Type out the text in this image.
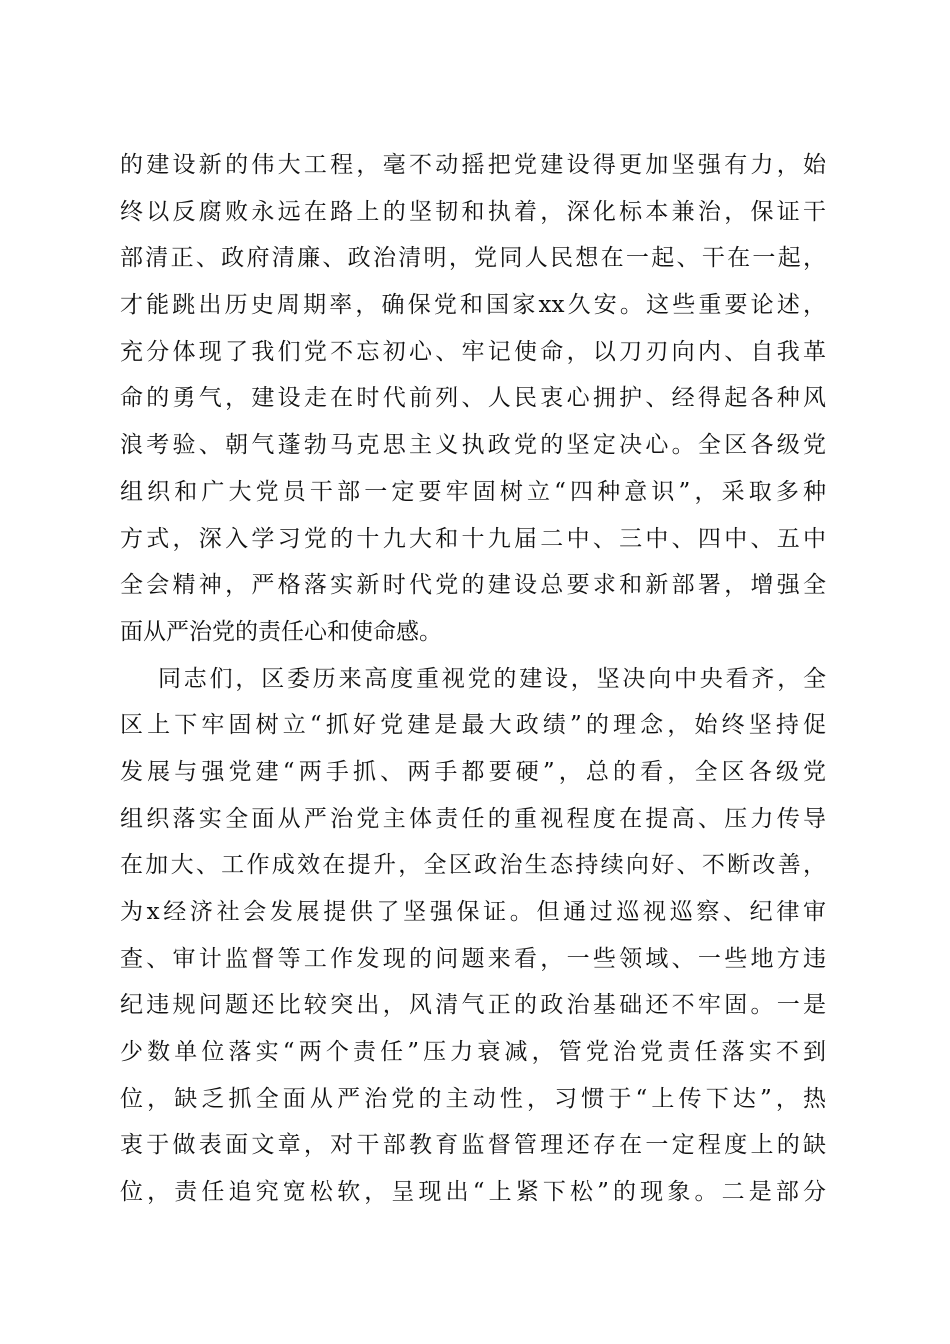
的建设新的伟大工程，毫不动摇把党建设得更加坚强有力，始
终以反腐败永远在路上的坚韧和执着，深化标本兼治，保证干
部清正、政府清廉、政治清明，党同人民想在一起、干在一起，
才能跳出历史周期率，确保党和国家xx久安。这些重要论述，
充分体现了我们党不忘初心、牢记使命，以刀刃向内、自我革
命的勇气，建设走在时代前列、人民衷心拥护、经得起各种风
浪考验、朝气蓬勃马克思主义执政党的坚定决心。全区各级党
组织和广大党员干部一定要牢固树立“四种意识”，采取多种
方式，深入学习党的十九大和十九届二中、三中、四中、五中
全会精神，严格落实新时代党的建设总要求和新部署，增强全
面从严治党的责任心和使命感。
同志们，区委历来高度重视党的建设，坚决向中央看齐，全
区上下牢固树立“抓好党建是最大政绩”的理念，始终坚持促
发展与强党建“两手抓、两手都要硬”，总的看，全区各级党
组织落实全面从严治党主体责任的重视程度在提高、压力传导
在加大、工作成效在提升，全区政治生态持续向好、不断改善，
为x经济社会发展提供了坚强保证。但通过巡视巡察、纪律审
查、审计监督等工作发现的问题来看，一些领域、一些地方违
纪违规问题还比较突出，风清气正的政治基础还不牢固。一是
少数单位落实“两个责任”压力衰减，管党治党责任落实不到
位，缺乏抓全面从严治党的主动性，习惯于“上传下达”，热
衷于做表面文章，对干部教育监督管理还存在一定程度上的缺
位，责任追究宽松软，呈现出“上紧下松”的现象。二是部分
